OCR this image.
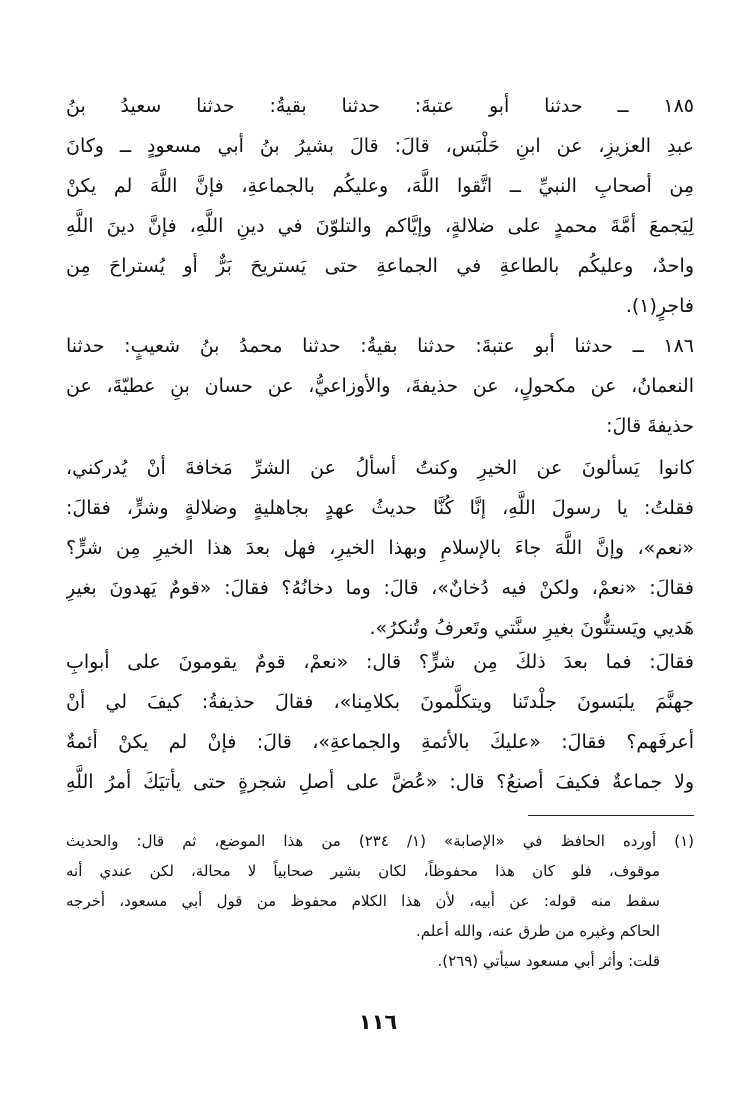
١٨٥ ــ حدثنا أبو عتبةَ: حدثنا بقيةُ: حدثنا سعيدُ بنُ
عبدِ العزيزِ، عن ابنِ حَلْبَس، قالَ: قالَ بشيرُ بنُ أبي مسعودٍ ــ وكانَ
مِن أصحابِ النبيِّ ــ اتَّقوا اللَّهَ، وعليكُم بالجماعةِ، فإنَّ اللَّهَ لم يكنْ
لِيَجمعَ أمَّةَ محمدٍ على ضلالةٍ، وإيَّاكم والتلوّنَ في دينِ اللَّهِ، فإنَّ دينَ اللَّهِ
واحدٌ، وعليكُم بالطاعةِ في الجماعةِ حتى يَستريحَ بَرٌّ أو يُستراحَ مِن
فاجرٍ(١).
١٨٦ ــ حدثنا أبو عتبةَ: حدثنا بقيةُ: حدثنا محمدُ بنُ شعيبٍ: حدثنا
النعمانُ، عن مكحولٍ، عن حذيفةَ، والأوزاعيُّ، عن حسان بنِ عطيّةَ، عن
حذيفةَ قالَ:
كانوا يَسألونَ عن الخيرِ وكنتُ أسألُ عن الشرِّ مَخافةَ أنْ يُدركني،
فقلتُ: يا رسولَ اللَّهِ، إنَّا كُنَّا حديثُ عهدٍ بجاهليةٍ وضلالةٍ وشرٍّ، فقالَ:
«نعم»، وإنَّ اللَّهَ جاءَ بالإسلامِ وبهذا الخيرِ، فهل بعدَ هذا الخيرِ مِن شرٍّ؟
فقالَ: «نعمْ، ولكنْ فيه دُخانٌ»، قالَ: وما دخانُهُ؟ فقالَ: «قومٌ يَهدونَ بغيرِ
هَديي ويَستنُّونَ بغيرِ سنَّتي وتَعرفُ وتُنكرُ».
فقالَ: فما بعدَ ذلكَ مِن شرٍّ؟ قال: «نعمْ، قومٌ يقومونَ على أبوابِ
جهنَّمَ يلبَسونَ جلْدتَنا ويتكلَّمونَ بكلامِنا»، فقالَ حذيفةُ: كيفَ لي أنْ
أعرفَهم؟ فقالَ: «عليكَ بالأئمةِ والجماعةِ»، قالَ: فإنْ لم يكنْ أئمةٌ
ولا جماعةٌ فكيفَ أصنعُ؟ قال: «عُضَّ على أصلِ شجرةٍ حتى يأتيَكَ أمرُ اللَّهِ
(١) أورده الحافظ في «الإصابة» (١/ ٢٣٤) من هذا الموضع، ثم قال: والحديث
موقوف، فلو كان هذا محفوظاً، لكان بشير صحابياً لا محالة، لكن عندي أنه
سقط منه قوله: عن أبيه، لأن هذا الكلام محفوظ من قول أبي مسعود، أخرجه
الحاكم وغيره من طرق عنه، والله أعلم.
قلت: وأثر أبي مسعود سيأتي (٢٦٩).
١١٦
